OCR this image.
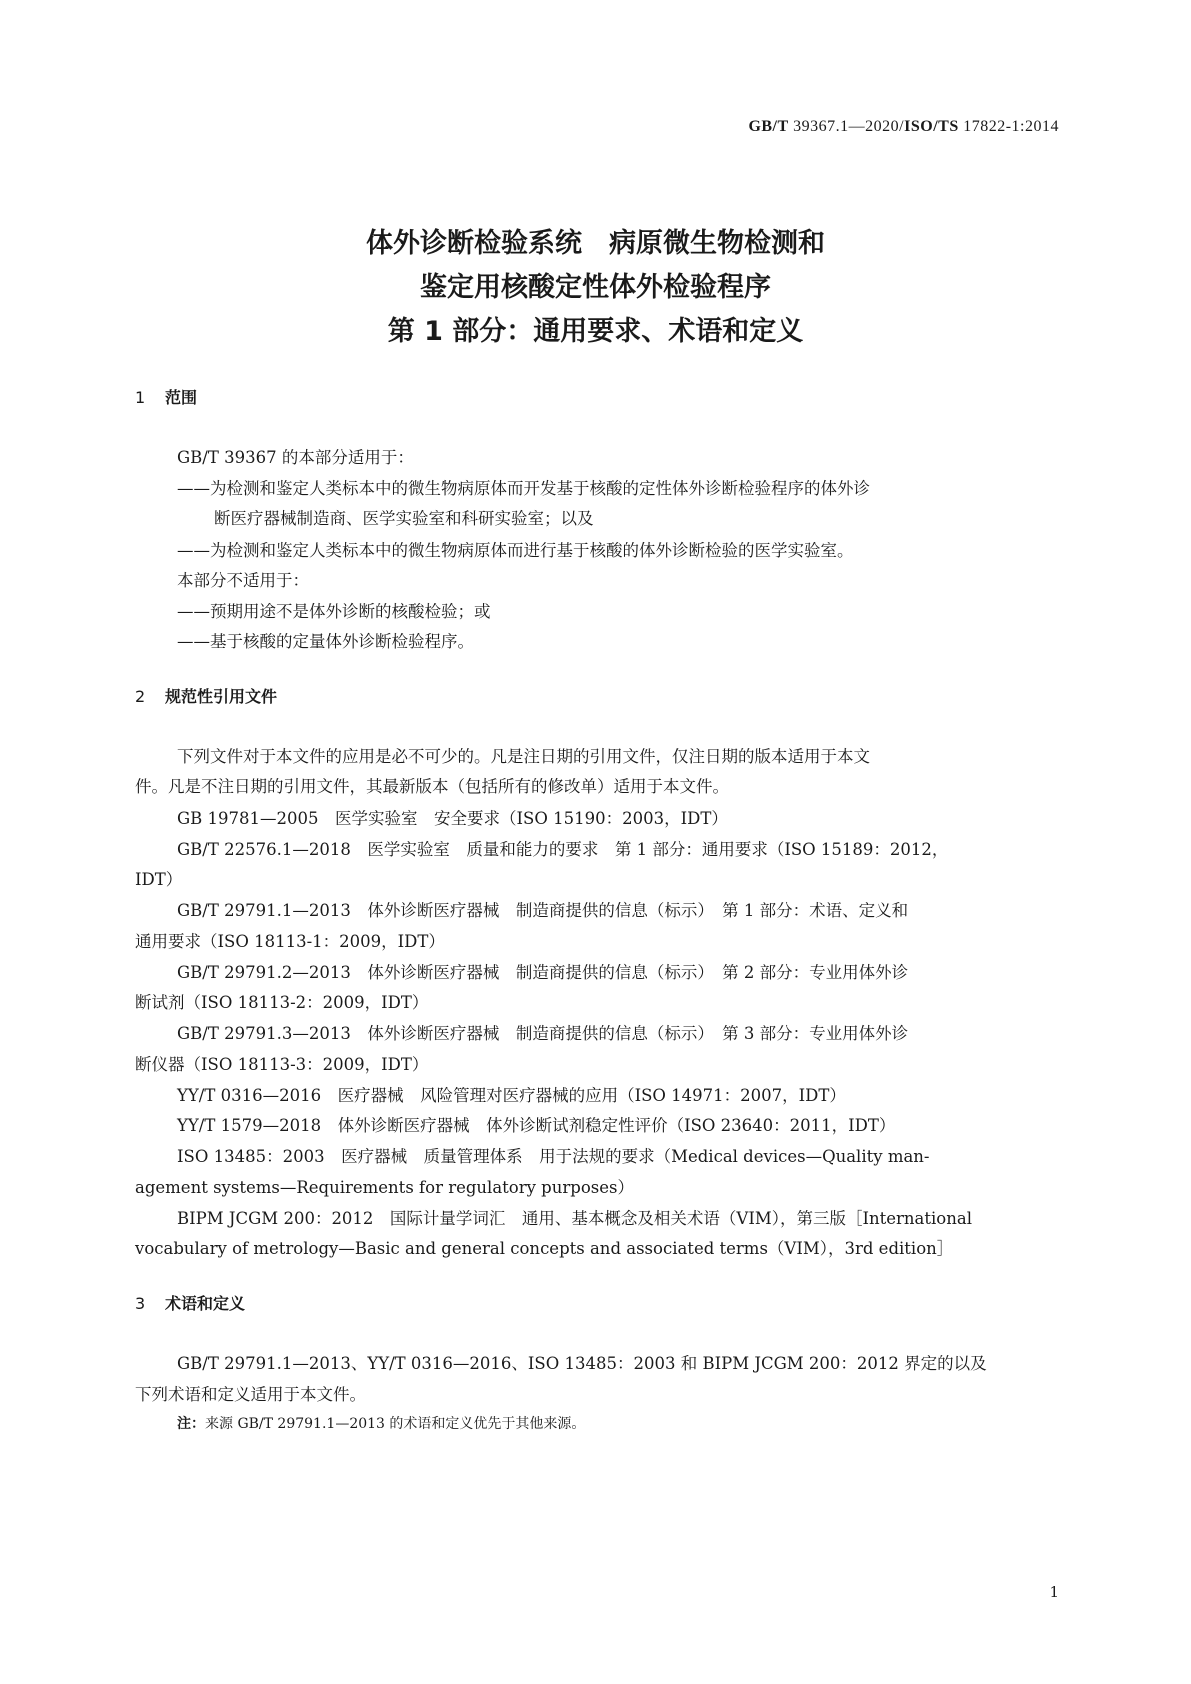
GB/T 39367.1—2020/ISO/TS 17822-1:2014
体外诊断检验系统　病原微生物检测和
鉴定用核酸定性体外检验程序
第 1 部分：通用要求、术语和定义
1 范围
GB/T 39367 的本部分适用于：
——为检测和鉴定人类标本中的微生物病原体而开发基于核酸的定性体外诊断检验程序的体外诊
断医疗器械制造商、医学实验室和科研实验室；以及
——为检测和鉴定人类标本中的微生物病原体而进行基于核酸的体外诊断检验的医学实验室。
本部分不适用于：
——预期用途不是体外诊断的核酸检验；或
——基于核酸的定量体外诊断检验程序。
2 规范性引用文件
下列文件对于本文件的应用是必不可少的。凡是注日期的引用文件，仅注日期的版本适用于本文
件。凡是不注日期的引用文件，其最新版本（包括所有的修改单）适用于本文件。
GB 19781—2005　医学实验室　安全要求（ISO 15190：2003，IDT）
GB/T 22576.1—2018　医学实验室　质量和能力的要求　第 1 部分：通用要求（ISO 15189：2012，
IDT）
GB/T 29791.1—2013　体外诊断医疗器械　制造商提供的信息（标示）　第 1 部分：术语、定义和
通用要求（ISO 18113-1：2009，IDT）
GB/T 29791.2—2013　体外诊断医疗器械　制造商提供的信息（标示）　第 2 部分：专业用体外诊
断试剂（ISO 18113-2：2009，IDT）
GB/T 29791.3—2013　体外诊断医疗器械　制造商提供的信息（标示）　第 3 部分：专业用体外诊
断仪器（ISO 18113-3：2009，IDT）
YY/T 0316—2016　医疗器械　风险管理对医疗器械的应用（ISO 14971：2007，IDT）
YY/T 1579—2018　体外诊断医疗器械　体外诊断试剂稳定性评价（ISO 23640：2011，IDT）
ISO 13485：2003　医疗器械　质量管理体系　用于法规的要求（Medical devices—Quality man-
agement systems—Requirements for regulatory purposes）
BIPM JCGM 200：2012　国际计量学词汇　通用、基本概念及相关术语（VIM），第三版［International
vocabulary of metrology—Basic and general concepts and associated terms（VIM），3rd edition］
3 术语和定义
GB/T 29791.1—2013、YY/T 0316—2016、ISO 13485：2003 和 BIPM JCGM 200：2012 界定的以及
下列术语和定义适用于本文件。
注：来源 GB/T 29791.1—2013 的术语和定义优先于其他来源。
1
